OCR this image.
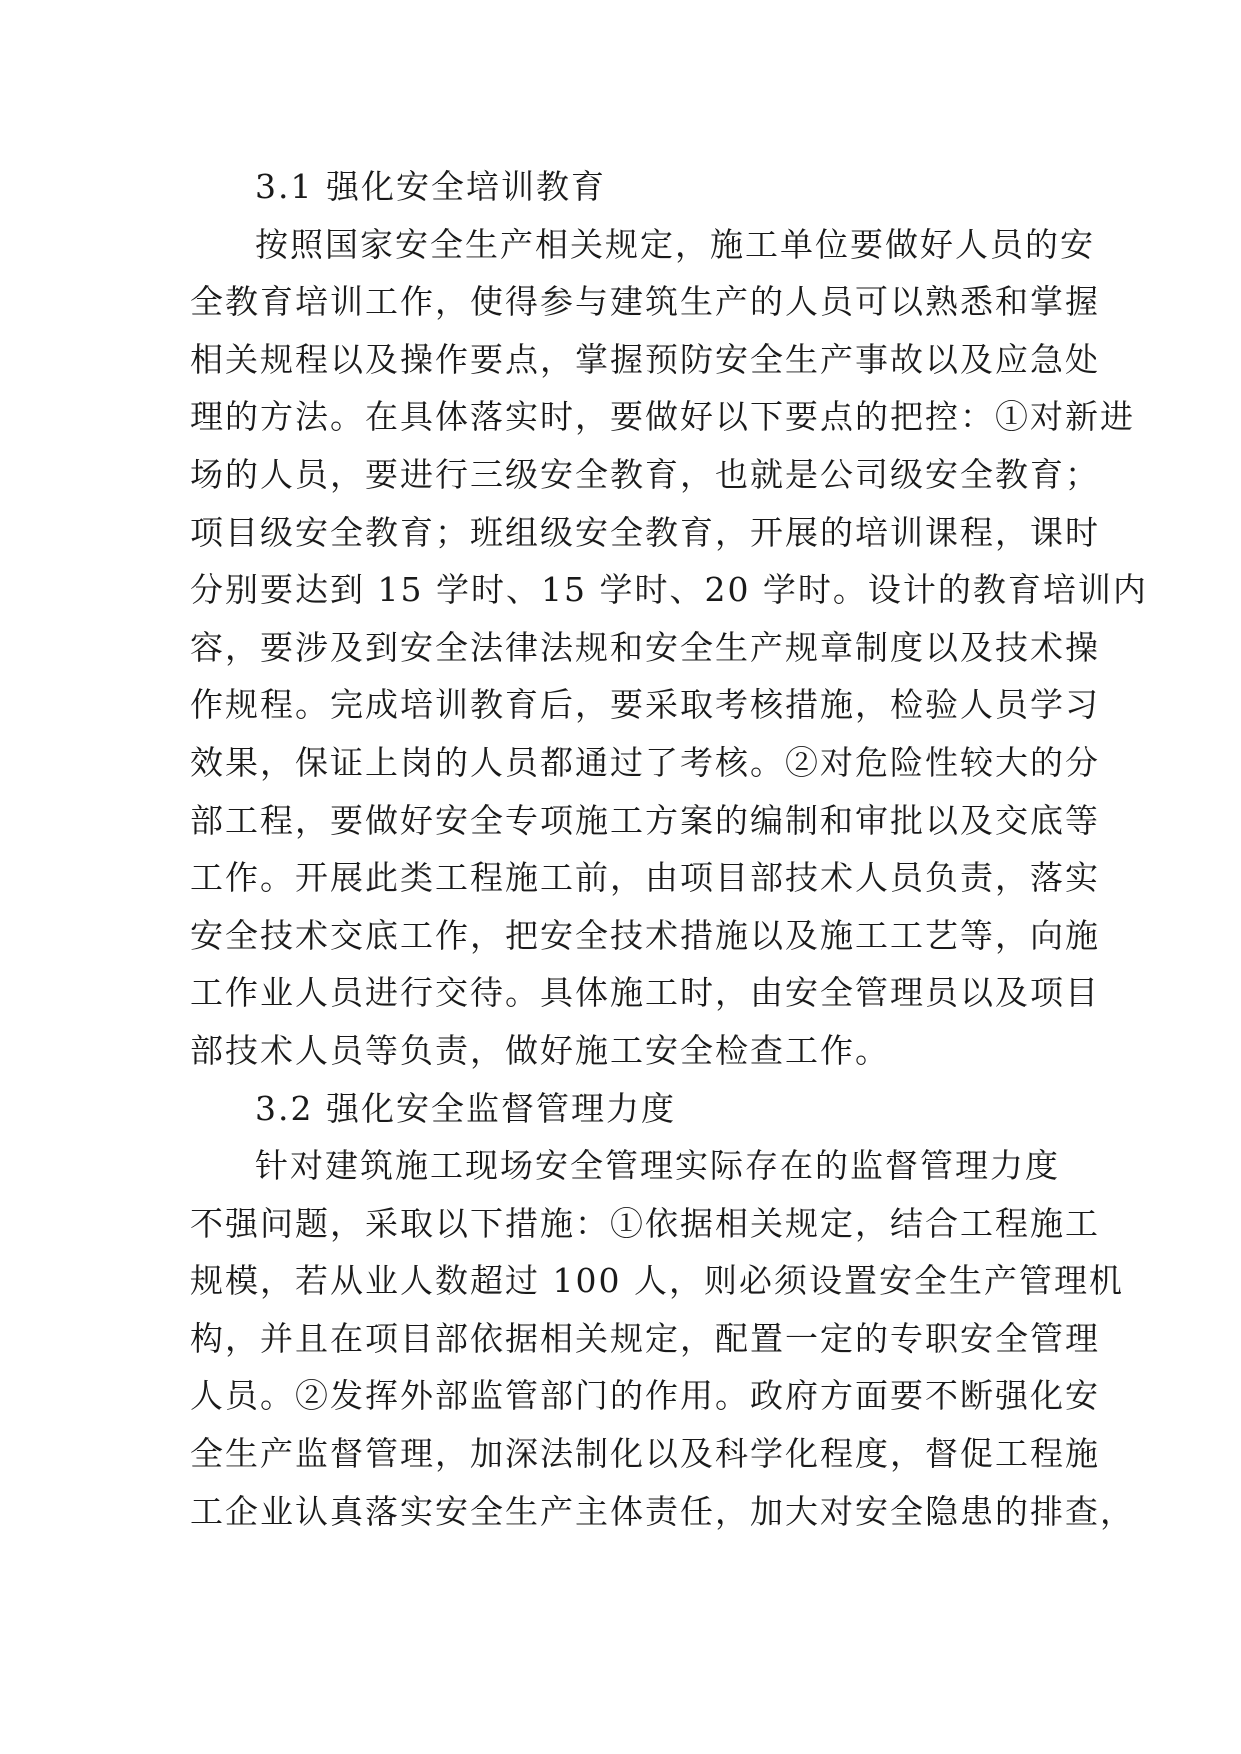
3.1 强化安全培训教育
按照国家安全生产相关规定，施工单位要做好人员的安
全教育培训工作，使得参与建筑生产的人员可以熟悉和掌握
相关规程以及操作要点，掌握预防安全生产事故以及应急处
理的方法。在具体落实时，要做好以下要点的把控：①对新进
场的人员，要进行三级安全教育，也就是公司级安全教育；
项目级安全教育；班组级安全教育，开展的培训课程，课时
分别要达到 15 学时、15 学时、20 学时。设计的教育培训内
容，要涉及到安全法律法规和安全生产规章制度以及技术操
作规程。完成培训教育后，要采取考核措施，检验人员学习
效果，保证上岗的人员都通过了考核。②对危险性较大的分
部工程，要做好安全专项施工方案的编制和审批以及交底等
工作。开展此类工程施工前，由项目部技术人员负责，落实
安全技术交底工作，把安全技术措施以及施工工艺等，向施
工作业人员进行交待。具体施工时，由安全管理员以及项目
部技术人员等负责，做好施工安全检查工作。
3.2 强化安全监督管理力度
针对建筑施工现场安全管理实际存在的监督管理力度
不强问题，采取以下措施：①依据相关规定，结合工程施工
规模，若从业人数超过 100 人，则必须设置安全生产管理机
构，并且在项目部依据相关规定，配置一定的专职安全管理
人员。②发挥外部监管部门的作用。政府方面要不断强化安
全生产监督管理，加深法制化以及科学化程度，督促工程施
工企业认真落实安全生产主体责任，加大对安全隐患的排查，
